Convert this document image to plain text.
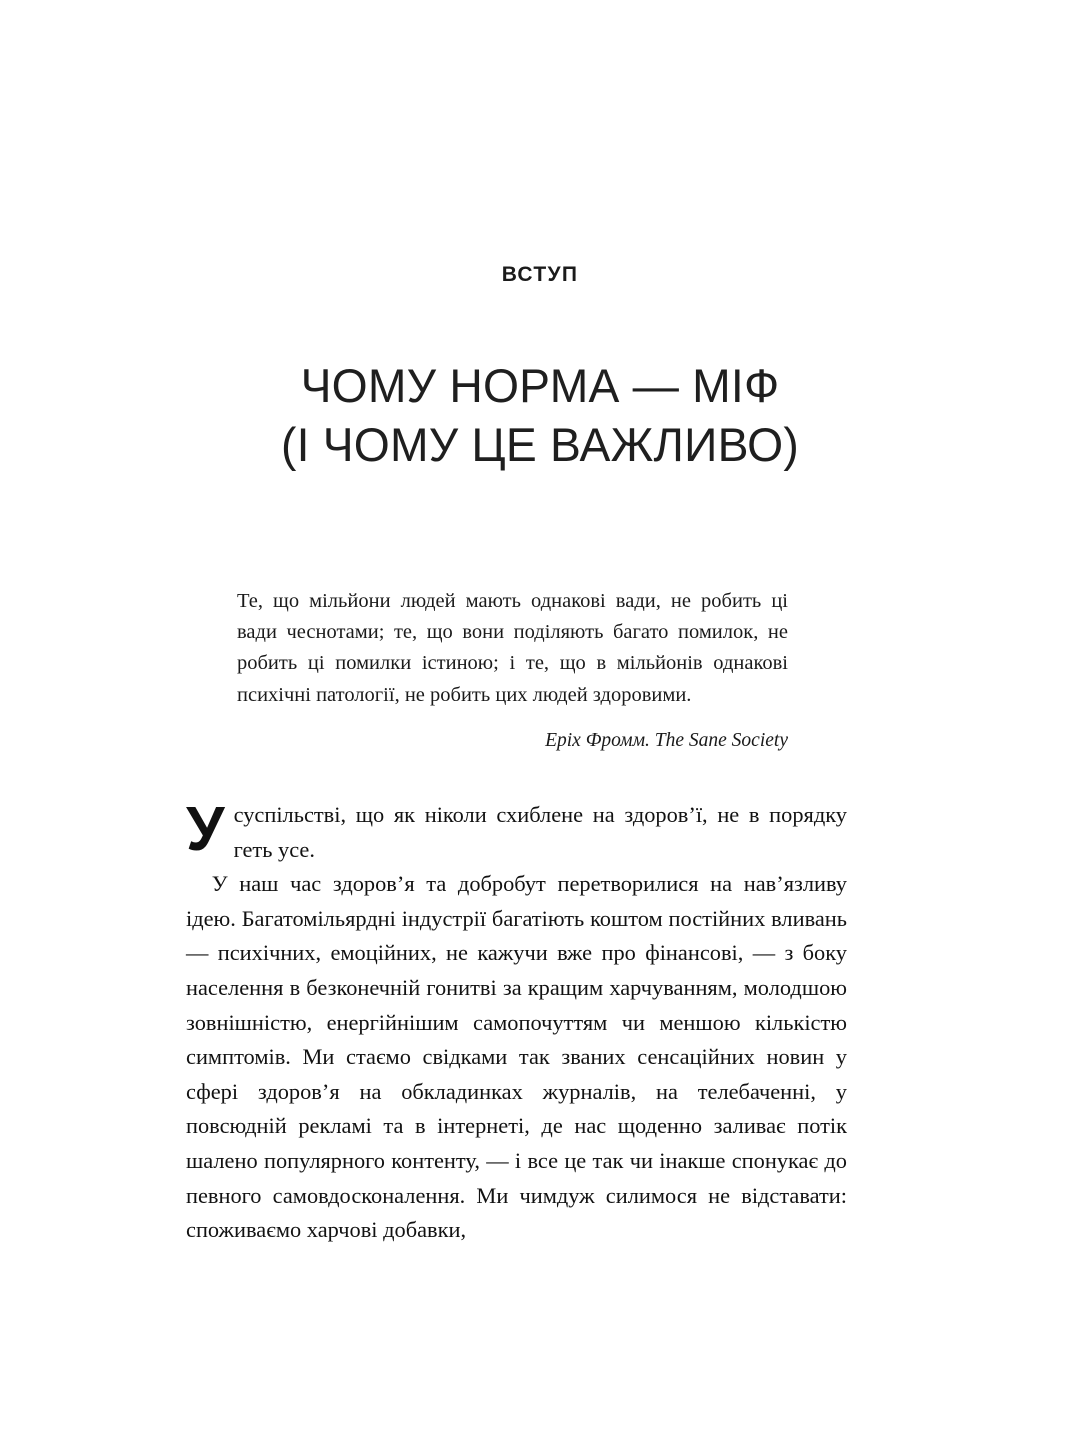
ВСТУП
ЧОМУ НОРМА — МІФ
(І ЧОМУ ЦЕ ВАЖЛИВО)
Те, що мільйони людей мають однакові вади, не робить ці вади чеснотами; те, що вони поділяють багато помилок, не робить ці помилки істиною; і те, що в мільйонів однакові психічні патології, не робить цих людей здоровими.
Еріх Фромм. The Sane Society

Усуспільстві, що як ніколи схиблене на здоров’ї, не в порядку геть усе.

У наш час здоров’я та добробут перетворилися на нав’язливу ідею. Багатомільярдні індустрії багатіють коштом постійних вливань — психічних, емоційних, не кажучи вже про фінансові, — з боку населення в безконечній гонитві за кращим харчуванням, молодшою зовнішністю, енергійнішим самопочуттям чи меншою кількістю симптомів. Ми стаємо свідками так званих сенсаційних новин у сфері здоров’я на обкладинках журналів, на телебаченні, у повсюдній рекламі та в інтернеті, де нас щоденно заливає потік шалено популярного контенту, — і все це так чи інакше спонукає до певного самовдосконалення. Ми чимдуж силимося не відставати: споживаємо харчові добавки,
